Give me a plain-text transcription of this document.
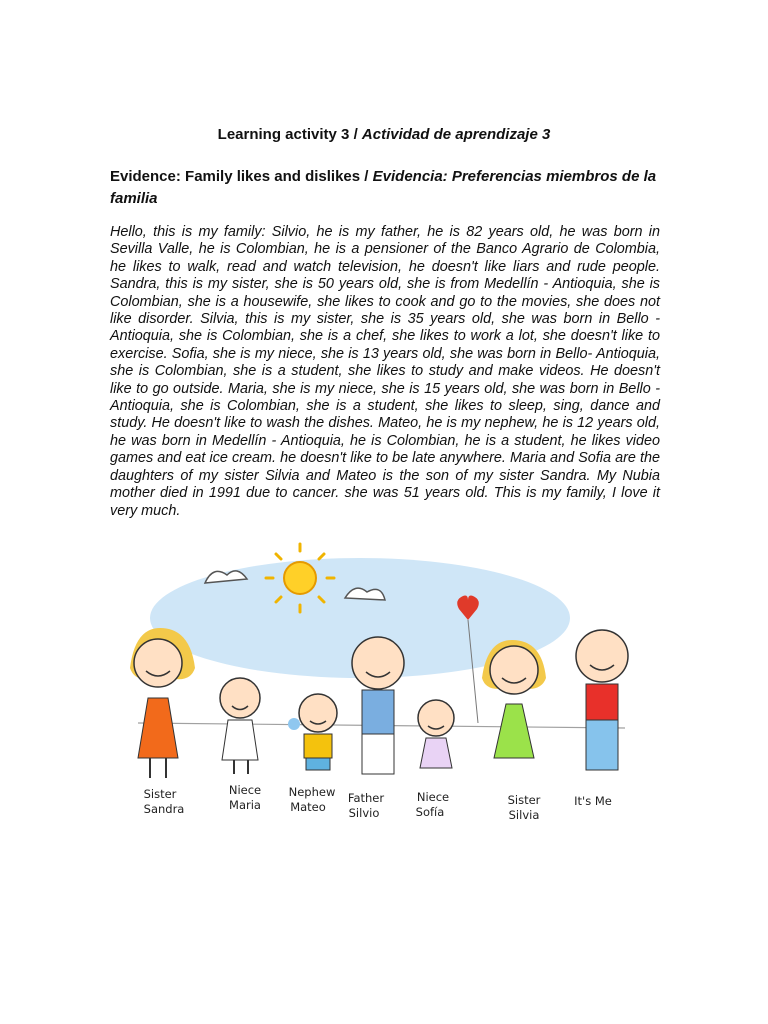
Learning activity 3 / Actividad de aprendizaje 3
Evidence: Family likes and dislikes / Evidencia: Preferencias miembros de la familia
Hello, this is my family: Silvio, he is my father, he is 82 years old, he was born in Sevilla Valle, he is Colombian, he is a pensioner of the Banco Agrario de Colombia, he likes to walk, read and watch television, he doesn't like liars and rude people. Sandra, this is my sister, she is 50 years old, she is from Medellín - Antioquia, she is Colombian, she is a housewife, she likes to cook and go to the movies, she does not like disorder. Silvia, this is my sister, she is 35 years old, she was born in Bello - Antioquia, she is Colombian, she is a chef, she likes to work a lot, she doesn't like to exercise. Sofia, she is my niece, she is 13 years old, she was born in Bello- Antioquia, she is Colombian, she is a student, she likes to study and make videos. He doesn't like to go outside. Maria, she is my niece, she is 15 years old, she was born in Bello - Antioquia, she is Colombian, she is a student, she likes to sleep, sing, dance and study. He doesn't like to wash the dishes. Mateo, he is my nephew, he is 12 years old, he was born in Medellín - Antioquia, he is Colombian, he is a student, he likes video games and eat ice cream. he doesn't like to be late anywhere. Maria and Sofia are the daughters of my sister Silvia and Mateo is the son of my sister Sandra. My Nubia mother died in 1991 due to cancer. she was 51 years old. This is my family, I love it very much.
Sister Sandra
Niece Maria
Nephew Mateo
Father Silvio
Niece Sofía
Sister Silvia
It's Me
